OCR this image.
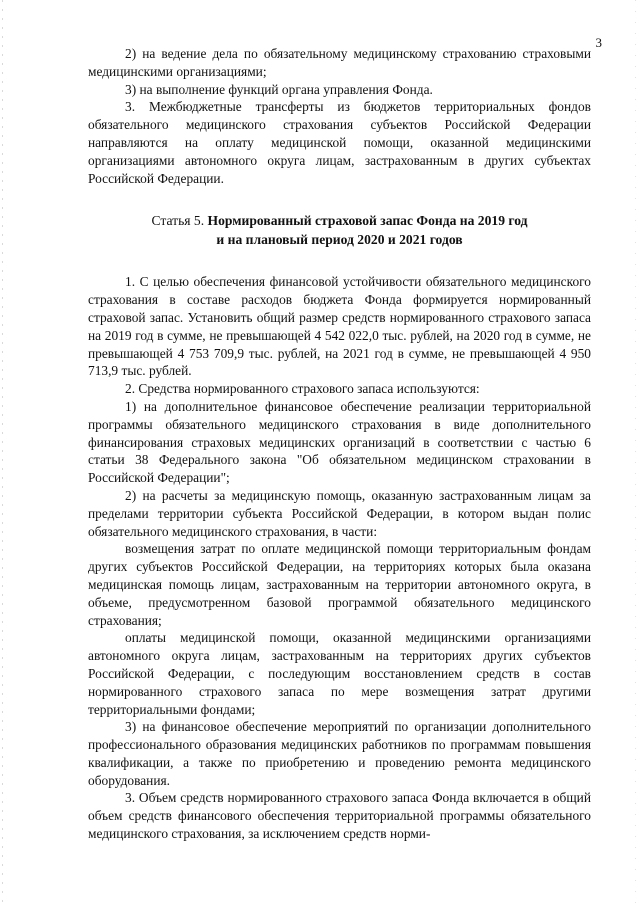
3

2) на ведение дела по обязательному медицинскому страхованию страховыми медицинскими организациями;

3) на выполнение функций органа управления Фонда.

3. Межбюджетные трансферты из бюджетов территориальных фондов обязательного медицинского страхования субъектов Российской Федерации направляются на оплату медицинской помощи, оказанной медицинскими организациями автономного округа лицам, застрахованным в других субъектах Российской Федерации.

Статья 5. Нормированный страховой запас Фонда на 2019 год
и на плановый период 2020 и 2021 годов

1. С целью обеспечения финансовой устойчивости обязательного медицинского страхования в составе расходов бюджета Фонда формируется нормированный страховой запас. Установить общий размер средств нормированного страхового запаса на 2019 год в сумме, не превышающей 4 542 022,0 тыс. рублей, на 2020 год в сумме, не превышающей 4 753 709,9 тыс. рублей, на 2021 год в сумме, не превышающей 4 950 713,9 тыс. рублей.

2. Средства нормированного страхового запаса используются:

1) на дополнительное финансовое обеспечение реализации территориальной программы обязательного медицинского страхования в виде дополнительного финансирования страховых медицинских организаций в соответствии с частью 6 статьи 38 Федерального закона "Об обязательном медицинском страховании в Российской Федерации";

2) на расчеты за медицинскую помощь, оказанную застрахованным лицам за пределами территории субъекта Российской Федерации, в котором выдан полис обязательного медицинского страхования, в части:

возмещения затрат по оплате медицинской помощи территориальным фондам других субъектов Российской Федерации, на территориях которых была оказана медицинская помощь лицам, застрахованным на территории автономного округа, в объеме, предусмотренном базовой программой обязательного медицинского страхования;

оплаты медицинской помощи, оказанной медицинскими организациями автономного округа лицам, застрахованным на территориях других субъектов Российской Федерации, с последующим восстановлением средств в состав нормированного страхового запаса по мере возмещения затрат другими территориальными фондами;

3) на финансовое обеспечение мероприятий по организации дополнительного профессионального образования медицинских работников по программам повышения квалификации, а также по приобретению и проведению ремонта медицинского оборудования.

3. Объем средств нормированного страхового запаса Фонда включается в общий объем средств финансового обеспечения территориальной программы обязательного медицинского страхования, за исключением средств норми-
